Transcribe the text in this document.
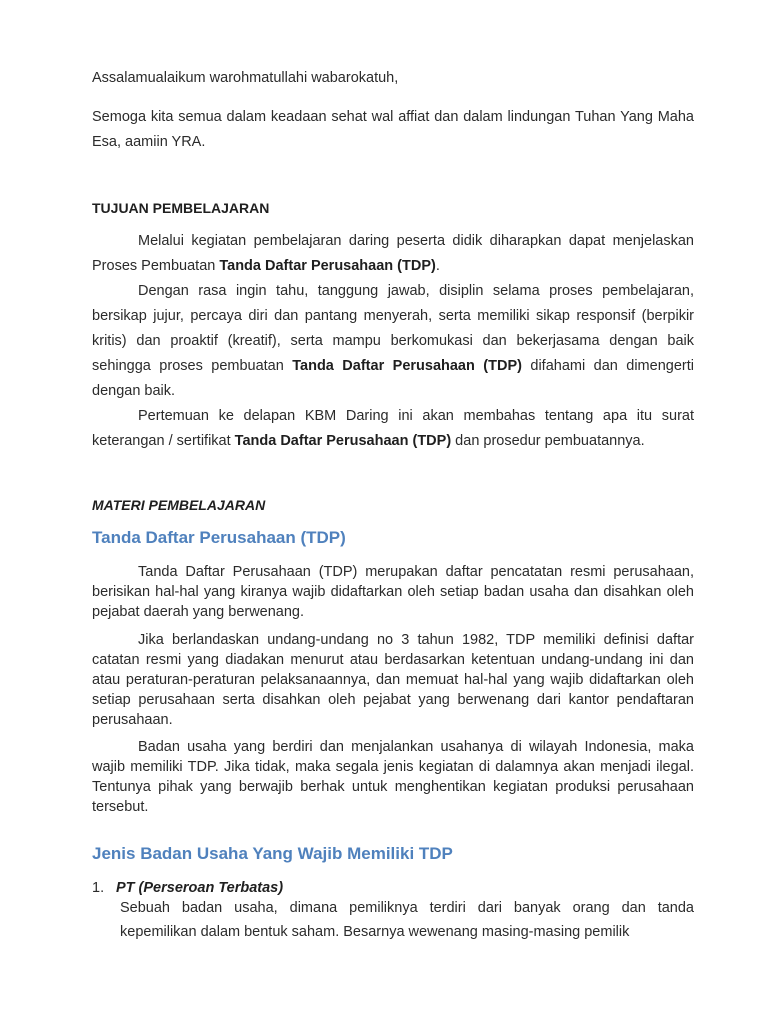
Assalamualaikum warohmatullahi wabarokatuh,

Semoga kita semua dalam keadaan sehat wal affiat dan dalam lindungan Tuhan Yang Maha Esa, aamiin YRA.

TUJUAN PEMBELAJARAN

Melalui kegiatan pembelajaran daring peserta didik diharapkan dapat menjelaskan Proses Pembuatan Tanda Daftar Perusahaan (TDP).

Dengan rasa ingin tahu, tanggung jawab, disiplin selama proses pembelajaran, bersikap jujur, percaya diri dan pantang menyerah, serta memiliki sikap responsif (berpikir kritis) dan proaktif (kreatif), serta mampu berkomukasi dan bekerjasama dengan baik sehingga proses pembuatan Tanda Daftar Perusahaan (TDP) difahami dan dimengerti dengan baik.

Pertemuan ke delapan KBM Daring ini akan membahas tentang apa itu surat keterangan / sertifikat Tanda Daftar Perusahaan (TDP) dan prosedur pembuatannya.

MATERI PEMBELAJARAN
Tanda Daftar Perusahaan (TDP)

Tanda Daftar Perusahaan (TDP) merupakan daftar pencatatan resmi perusahaan, berisikan hal-hal yang kiranya wajib didaftarkan oleh setiap badan usaha dan disahkan oleh pejabat daerah yang berwenang.

Jika berlandaskan undang-undang no 3 tahun 1982, TDP memiliki definisi daftar catatan resmi yang diadakan menurut atau berdasarkan ketentuan undang-undang ini dan atau peraturan-peraturan pelaksanaannya, dan memuat hal-hal yang wajib didaftarkan oleh setiap perusahaan serta disahkan oleh pejabat yang berwenang dari kantor pendaftaran perusahaan.

Badan usaha yang berdiri dan menjalankan usahanya di wilayah Indonesia, maka wajib memiliki TDP. Jika tidak, maka segala jenis kegiatan di dalamnya akan menjadi ilegal. Tentunya pihak yang berwajib berhak untuk menghentikan kegiatan produksi perusahaan tersebut.

Jenis Badan Usaha Yang Wajib Memiliki TDP
1. PT (Perseroan Terbatas)

Sebuah badan usaha, dimana pemiliknya terdiri dari banyak orang dan tanda kepemilikan dalam bentuk saham. Besarnya wewenang masing-masing pemilik
